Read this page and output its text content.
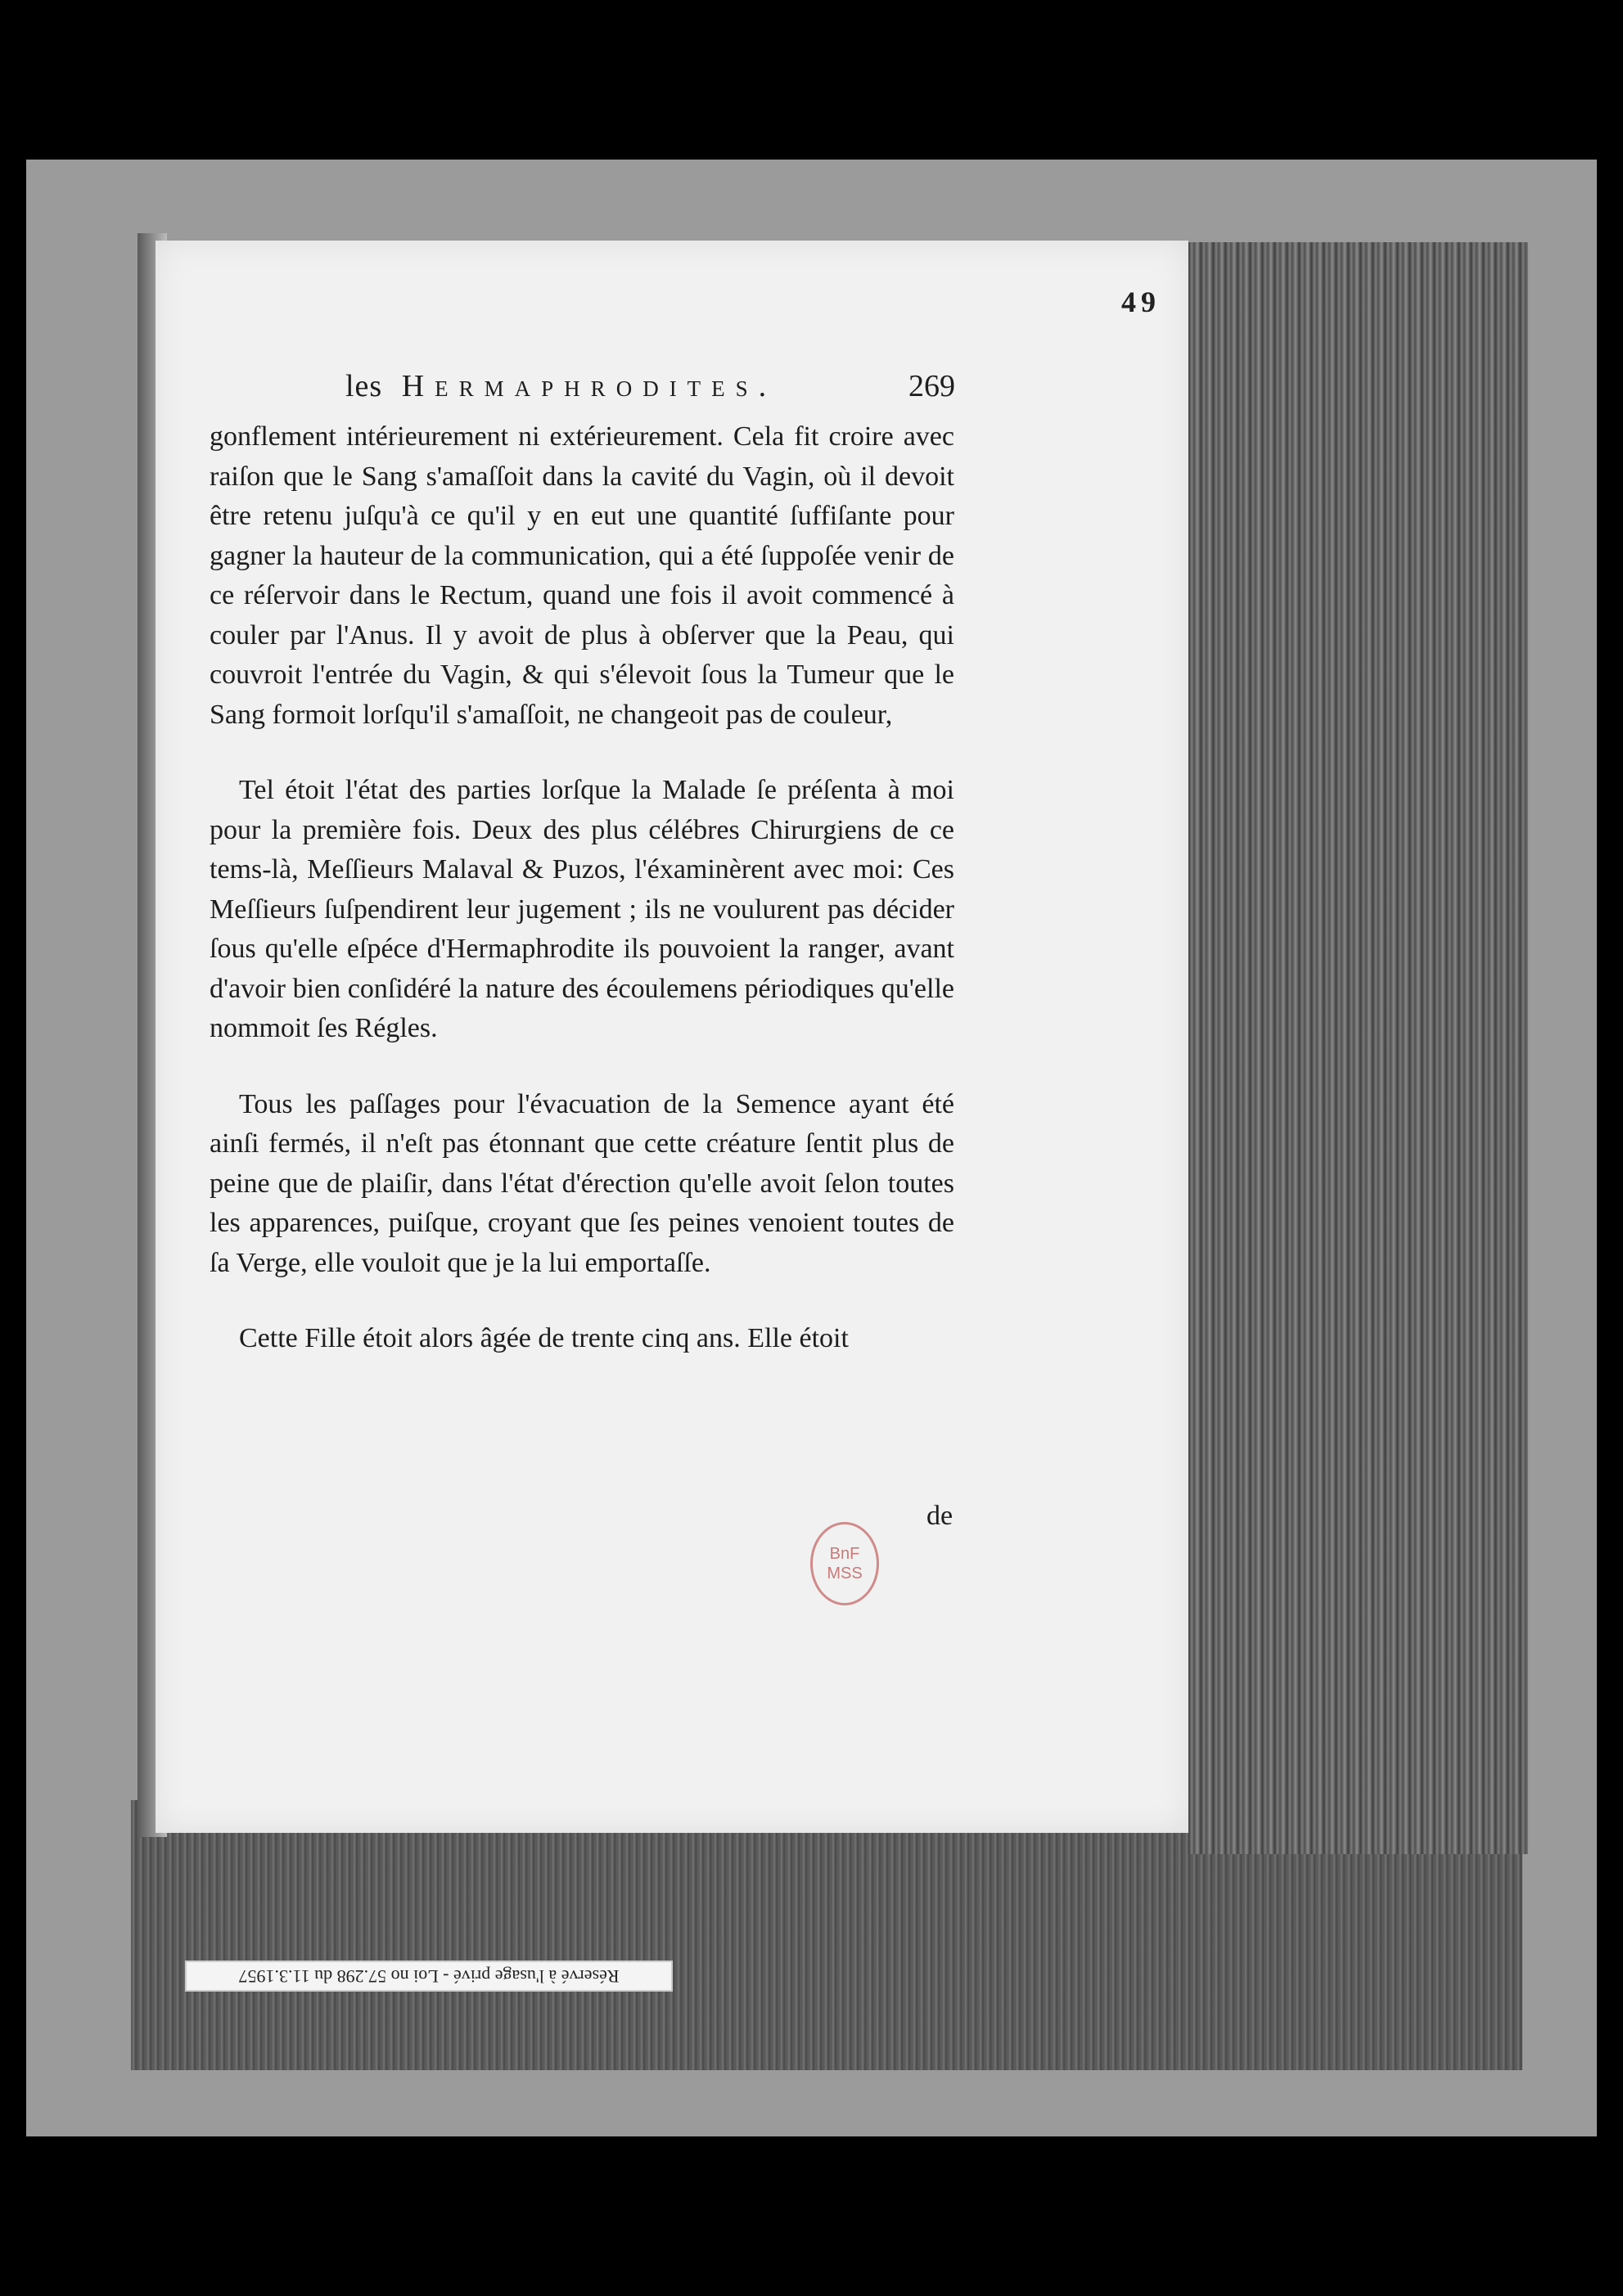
49
les Hermaphrodites.	269

gonflement intérieurement ni extérieurement. Cela fit croire avec raiſon que le Sang s'amaſſoit dans la cavité du Vagin, où il devoit être retenu juſqu'à ce qu'il y en eut une quantité ſuffiſante pour gagner la hauteur de la communication, qui a été ſuppoſée venir de ce réſervoir dans le Rectum, quand une fois il avoit commencé à couler par l'Anus. Il y avoit de plus à obſerver que la Peau, qui couvroit l'entrée du Vagin, & qui s'élevoit ſous la Tumeur que le Sang formoit lorſqu'il s'amaſſoit, ne changeoit pas de couleur,

Tel étoit l'état des parties lorſque la Malade ſe préſenta à moi pour la première fois. Deux des plus célébres Chirurgiens de ce tems-là, Meſſieurs Malaval & Puzos, l'éxaminèrent avec moi: Ces Meſſieurs ſuſpendirent leur jugement ; ils ne voulurent pas décider ſous qu'elle eſpéce d'Hermaphrodite ils pouvoient la ranger, avant d'avoir bien conſidéré la nature des écoulemens périodiques qu'elle nommoit ſes Régles.

Tous les paſſages pour l'évacuation de la Semence ayant été ainſi fermés, il n'eſt pas étonnant que cette créature ſentit plus de peine que de plaiſir, dans l'état d'érection qu'elle avoit ſelon toutes les apparences, puiſque, croyant que ſes peines venoient toutes de ſa Verge, elle vouloit que je la lui emportaſſe.

Cette Fille étoit alors âgée de trente cinq ans. Elle étoit

de
BnF MSS
Réservé à l'usage privé - Loi no 57.298 du 11.3.1957
